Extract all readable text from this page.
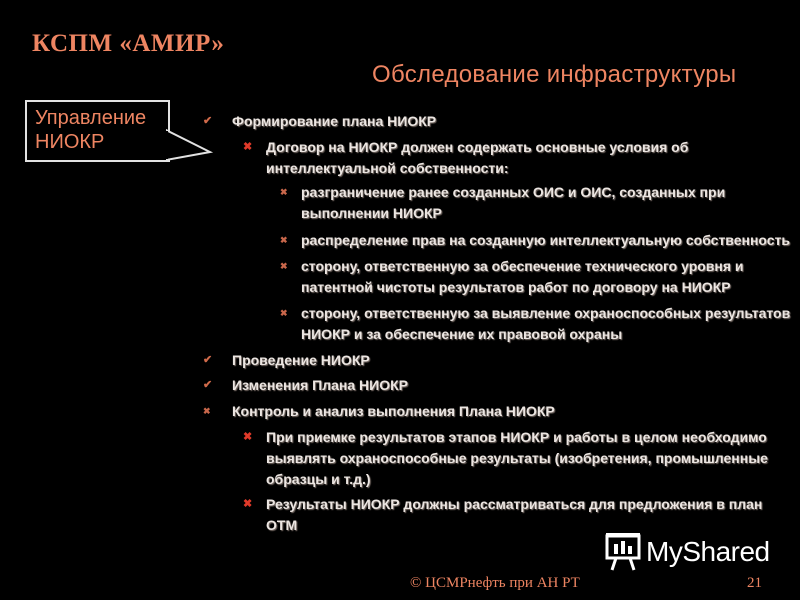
КСПМ «АМИР»
Обследование инфраструктуры
Управление
НИОКР
✔ Формирование плана НИОКР
✖ Договор на НИОКР должен содержать основные условия об
интеллектуальной собственности:
✖ разграничение ранее созданных ОИС и ОИС, созданных при
выполнении НИОКР
✖ распределение прав на созданную интеллектуальную собственность
✖ сторону, ответственную за обеспечение технического уровня и
патентной чистоты результатов работ по договору на НИОКР
✖ сторону, ответственную за выявление охраноспособных результатов
НИОКР и за обеспечение их правовой охраны
✔ Проведение НИОКР
✔ Изменения Плана НИОКР
✖ Контроль и анализ выполнения Плана НИОКР
✖ При приемке результатов этапов НИОКР и работы в целом необходимо
выявлять охраноспособные результаты (изобретения, промышленные
образцы и т.д.)
✖ Результаты НИОКР должны рассматриваться для предложения в план
ОТМ
© ЦСМРнефть при АН РТ	21
MyShared
